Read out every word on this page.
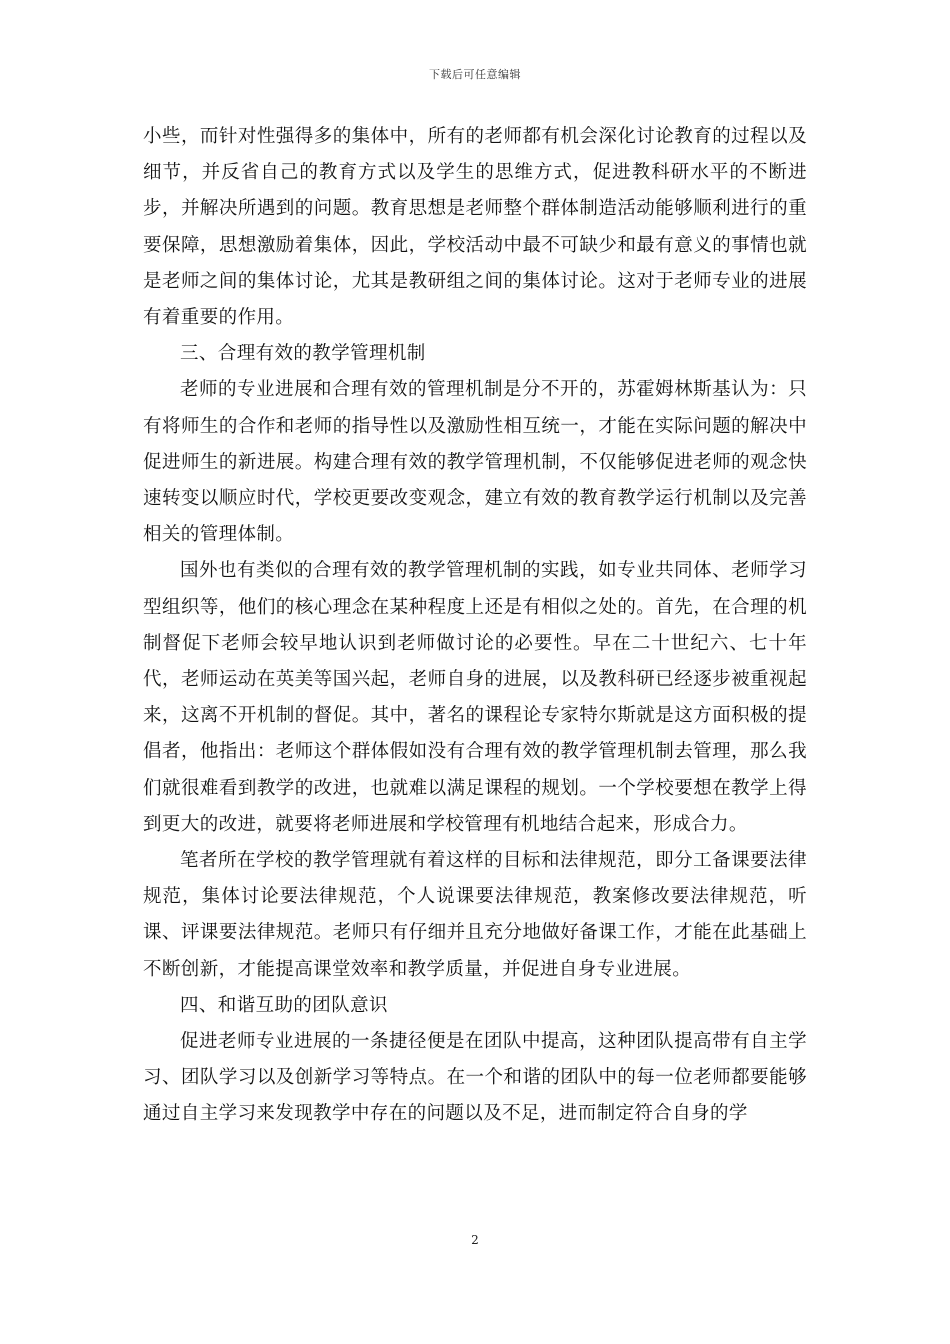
下载后可任意编辑

小些，而针对性强得多的集体中，所有的老师都有机会深化讨论教育的过程以及细节，并反省自己的教育方式以及学生的思维方式，促进教科研水平的不断进步，并解决所遇到的问题。教育思想是老师整个群体制造活动能够顺利进行的重要保障，思想激励着集体，因此，学校活动中最不可缺少和最有意义的事情也就是老师之间的集体讨论，尤其是教研组之间的集体讨论。这对于老师专业的进展有着重要的作用。

三、合理有效的教学管理机制

老师的专业进展和合理有效的管理机制是分不开的，苏霍姆林斯基认为：只有将师生的合作和老师的指导性以及激励性相互统一，才能在实际问题的解决中促进师生的新进展。构建合理有效的教学管理机制，不仅能够促进老师的观念快速转变以顺应时代，学校更要改变观念，建立有效的教育教学运行机制以及完善相关的管理体制。

国外也有类似的合理有效的教学管理机制的实践，如专业共同体、老师学习型组织等，他们的核心理念在某种程度上还是有相似之处的。首先，在合理的机制督促下老师会较早地认识到老师做讨论的必要性。早在二十世纪六、七十年代，老师运动在英美等国兴起，老师自身的进展，以及教科研已经逐步被重视起来，这离不开机制的督促。其中，著名的课程论专家特尔斯就是这方面积极的提倡者，他指出：老师这个群体假如没有合理有效的教学管理机制去管理，那么我们就很难看到教学的改进，也就难以满足课程的规划。一个学校要想在教学上得到更大的改进，就要将老师进展和学校管理有机地结合起来，形成合力。

笔者所在学校的教学管理就有着这样的目标和法律规范，即分工备课要法律规范，集体讨论要法律规范，个人说课要法律规范，教案修改要法律规范，听课、评课要法律规范。老师只有仔细并且充分地做好备课工作，才能在此基础上不断创新，才能提高课堂效率和教学质量，并促进自身专业进展。

四、和谐互助的团队意识

促进老师专业进展的一条捷径便是在团队中提高，这种团队提高带有自主学习、团队学习以及创新学习等特点。在一个和谐的团队中的每一位老师都要能够通过自主学习来发现教学中存在的问题以及不足，进而制定符合自身的学

2
